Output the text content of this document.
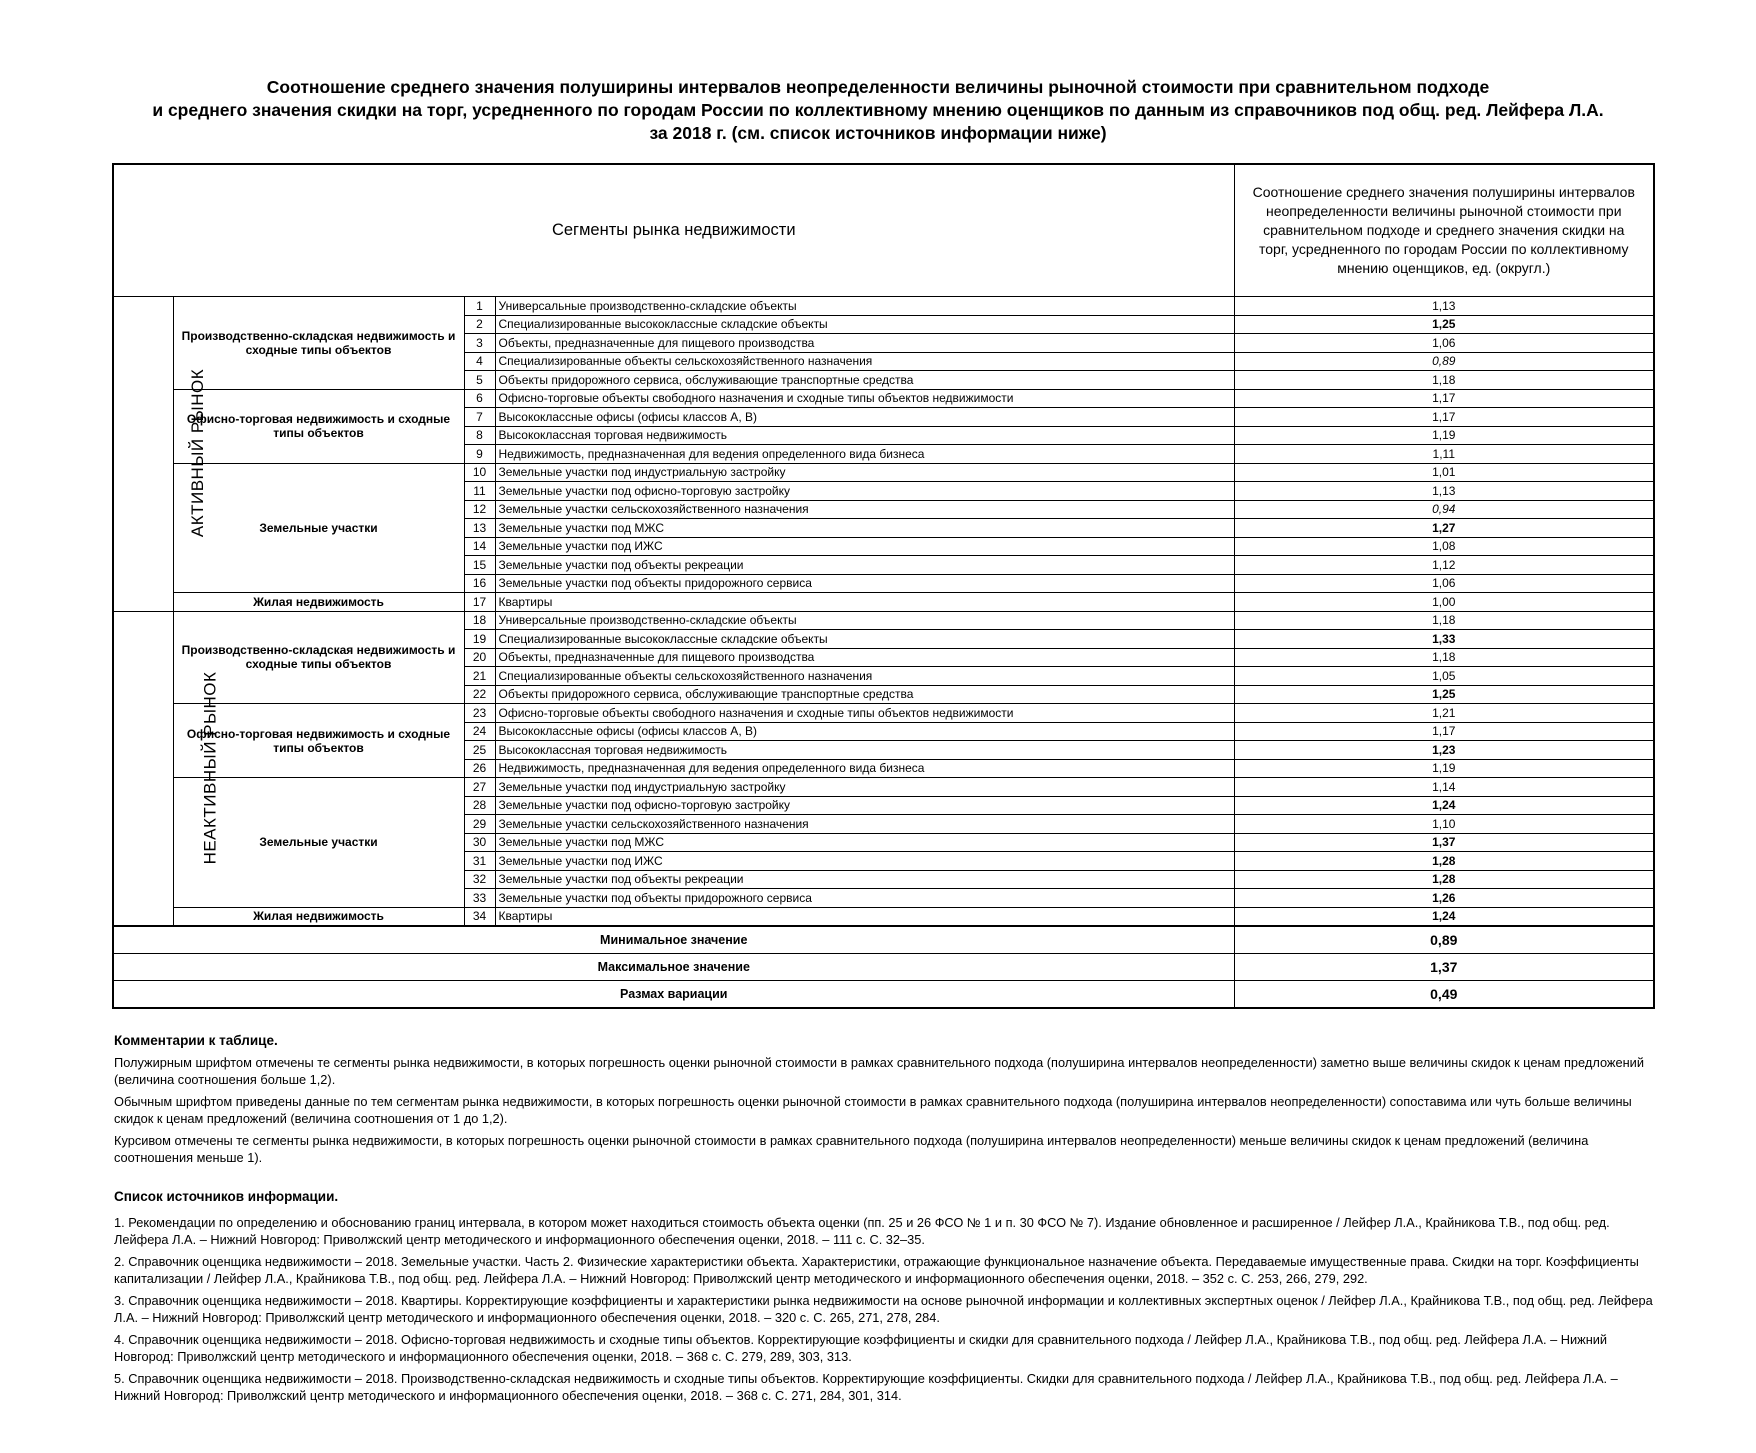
Соотношение среднего значения полуширины интервалов неопределенности величины рыночной стоимости при сравнительном подходе
и среднего значения скидки на торг, усредненного по городам России по коллективному мнению оценщиков по данным из справочников под общ. ред. Лейфера Л.А.
за 2018 г. (см. список источников информации ниже)
Сегменты рынка недвижимости				Соотношение среднего значения полуширины интервалов неопределенности величины рыночной стоимости при сравнительном подходе и среднего значения скидки на торг, усредненного по городам России по коллективному мнению оценщиков, ед. (округл.)
АКТИВНЫЙ РЫНОК	Производственно-складская недвижимость и сходные типы объектов	1	Универсальные производственно-складские объекты	1,13
		2	Специализированные высококлассные складские объекты	1,25
		3	Объекты, предназначенные для пищевого производства	1,06
		4	Специализированные объекты сельскохозяйственного назначения	0,89
		5	Объекты придорожного сервиса, обслуживающие транспортные средства	1,18
	Офисно-торговая недвижимость и сходные типы объектов	6	Офисно-торговые объекты свободного назначения и сходные типы объектов недвижимости	1,17
		7	Высококлассные офисы (офисы классов А, В)	1,17
		8	Высококлассная торговая недвижимость	1,19
		9	Недвижимость, предназначенная для ведения определенного вида бизнеса	1,11
	Земельные участки	10	Земельные участки под индустриальную застройку	1,01
		11	Земельные участки под офисно-торговую застройку	1,13
		12	Земельные участки сельскохозяйственного назначения	0,94
		13	Земельные участки под МЖС	1,27
		14	Земельные участки под ИЖС	1,08
		15	Земельные участки под объекты рекреации	1,12
		16	Земельные участки под объекты придорожного сервиса	1,06
	Жилая недвижимость	17	Квартиры	1,00
НЕАКТИВНЫЙ РЫНОК	Производственно-складская недвижимость и сходные типы объектов	18	Универсальные производственно-складские объекты	1,18
		19	Специализированные высококлассные складские объекты	1,33
		20	Объекты, предназначенные для пищевого производства	1,18
		21	Специализированные объекты сельскохозяйственного назначения	1,05
		22	Объекты придорожного сервиса, обслуживающие транспортные средства	1,25
	Офисно-торговая недвижимость и сходные типы объектов	23	Офисно-торговые объекты свободного назначения и сходные типы объектов недвижимости	1,21
		24	Высококлассные офисы (офисы классов А, В)	1,17
		25	Высококлассная торговая недвижимость	1,23
		26	Недвижимость, предназначенная для ведения определенного вида бизнеса	1,19
	Земельные участки	27	Земельные участки под индустриальную застройку	1,14
		28	Земельные участки под офисно-торговую застройку	1,24
		29	Земельные участки сельскохозяйственного назначения	1,10
		30	Земельные участки под МЖС	1,37
		31	Земельные участки под ИЖС	1,28
		32	Земельные участки под объекты рекреации	1,28
		33	Земельные участки под объекты придорожного сервиса	1,26
	Жилая недвижимость	34	Квартиры	1,24
Минимальное значение				0,89
Максимальное значение				1,37
Размах вариации				0,49
Комментарии к таблице.

Полужирным шрифтом отмечены те сегменты рынка недвижимости, в которых погрешность оценки рыночной стоимости в рамках сравнительного подхода (полуширина интервалов неопределенности) заметно выше величины скидок к ценам предложений (величина соотношения больше 1,2).

Обычным шрифтом приведены данные по тем сегментам рынка недвижимости, в которых погрешность оценки рыночной стоимости в рамках сравнительного подхода (полуширина интервалов неопределенности) сопоставима или чуть больше величины скидок к ценам предложений (величина соотношения от 1 до 1,2).

Курсивом отмечены те сегменты рынка недвижимости, в которых погрешность оценки рыночной стоимости в рамках сравнительного подхода (полуширина интервалов неопределенности) меньше величины скидок к ценам предложений (величина соотношения меньше 1).

Список источников информации.

1. Рекомендации по определению и обоснованию границ интервала, в котором может находиться стоимость объекта оценки (пп. 25 и 26 ФСО № 1 и п. 30 ФСО № 7). Издание обновленное и расширенное / Лейфер Л.А., Крайникова Т.В., под общ. ред. Лейфера Л.А. – Нижний Новгород: Приволжский центр методического и информационного обеспечения оценки, 2018. – 111 с. С. 32–35.

2. Справочник оценщика недвижимости – 2018. Земельные участки. Часть 2. Физические характеристики объекта. Характеристики, отражающие функциональное назначение объекта. Передаваемые имущественные права. Скидки на торг. Коэффициенты капитализации / Лейфер Л.А., Крайникова Т.В., под общ. ред. Лейфера Л.А. – Нижний Новгород: Приволжский центр методического и информационного обеспечения оценки, 2018. – 352 с. С. 253, 266, 279, 292.

3. Справочник оценщика недвижимости – 2018. Квартиры. Корректирующие коэффициенты и характеристики рынка недвижимости на основе рыночной информации и коллективных экспертных оценок / Лейфер Л.А., Крайникова Т.В., под общ. ред. Лейфера Л.А. – Нижний Новгород: Приволжский центр методического и информационного обеспечения оценки, 2018. – 320 с. С. 265, 271, 278, 284.

4. Справочник оценщика недвижимости – 2018. Офисно-торговая недвижимость и сходные типы объектов. Корректирующие коэффициенты и скидки для сравнительного подхода / Лейфер Л.А., Крайникова Т.В., под общ. ред. Лейфера Л.А. – Нижний Новгород: Приволжский центр методического и информационного обеспечения оценки, 2018. – 368 с. С. 279, 289, 303, 313.

5. Справочник оценщика недвижимости – 2018. Производственно-складская недвижимость и сходные типы объектов. Корректирующие коэффициенты. Скидки для сравнительного подхода / Лейфер Л.А., Крайникова Т.В., под общ. ред. Лейфера Л.А. – Нижний Новгород: Приволжский центр методического и информационного обеспечения оценки, 2018. – 368 с. С. 271, 284, 301, 314.
